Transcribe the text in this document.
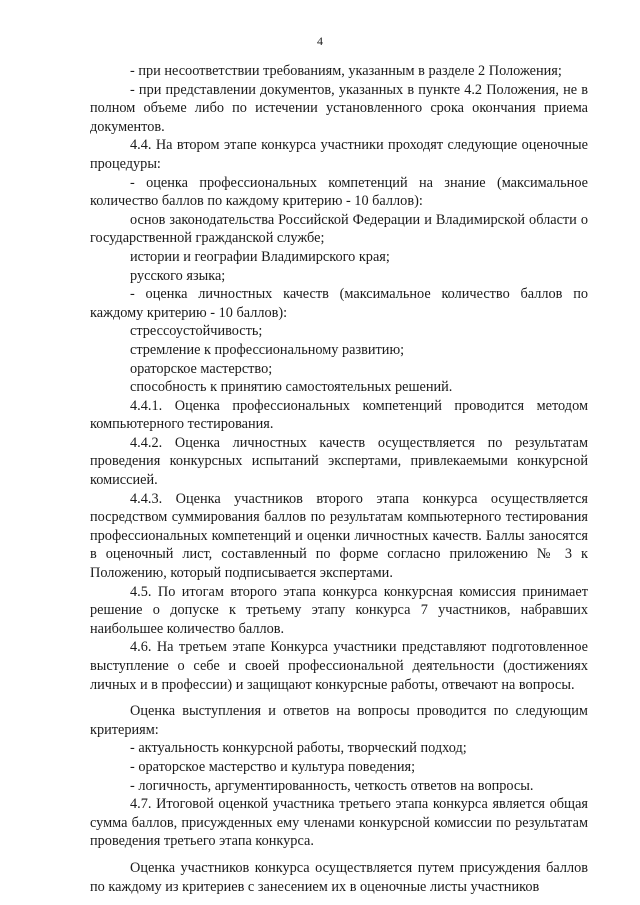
4

- при несоответствии требованиям, указанным в разделе 2 Положения;

- при представлении документов, указанных в пункте 4.2 Положения, не в полном объеме либо по истечении установленного срока окончания приема документов.

4.4. На втором этапе конкурса участники проходят следующие оценочные процедуры:

- оценка профессиональных компетенций на знание (максимальное количество баллов по каждому критерию - 10 баллов):

основ законодательства Российской Федерации и Владимирской области о государственной гражданской службе;

истории и географии Владимирского края;

русского языка;

- оценка личностных качеств (максимальное количество баллов по каждому критерию - 10 баллов):

стрессоустойчивость;

стремление к профессиональному развитию;

ораторское мастерство;

способность к принятию самостоятельных решений.

4.4.1. Оценка профессиональных компетенций проводится методом компьютерного тестирования.

4.4.2. Оценка личностных качеств осуществляется по результатам проведения конкурсных испытаний экспертами, привлекаемыми конкурсной комиссией.

4.4.3. Оценка участников второго этапа конкурса осуществляется посредством суммирования баллов по результатам компьютерного тестирования профессиональных компетенций и оценки личностных качеств. Баллы заносятся в оценочный лист, составленный по форме согласно приложению № 3 к Положению, который подписывается экспертами.

4.5. По итогам второго этапа конкурса конкурсная комиссия принимает решение о допуске к третьему этапу конкурса 7 участников, набравших наибольшее количество баллов.

4.6. На третьем этапе Конкурса участники представляют подготовленное выступление о себе и своей профессиональной деятельности (достижениях личных и в профессии) и защищают конкурсные работы, отвечают на вопросы.

Оценка выступления и ответов на вопросы проводится по следующим критериям:

- актуальность конкурсной работы, творческий подход;

- ораторское мастерство и культура поведения;

- логичность, аргументированность, четкость ответов на вопросы.

4.7. Итоговой оценкой участника третьего этапа конкурса является общая сумма баллов, присужденных ему членами конкурсной комиссии по результатам проведения третьего этапа конкурса.

Оценка участников конкурса осуществляется путем присуждения баллов по каждому из критериев с занесением их в оценочные листы участников
